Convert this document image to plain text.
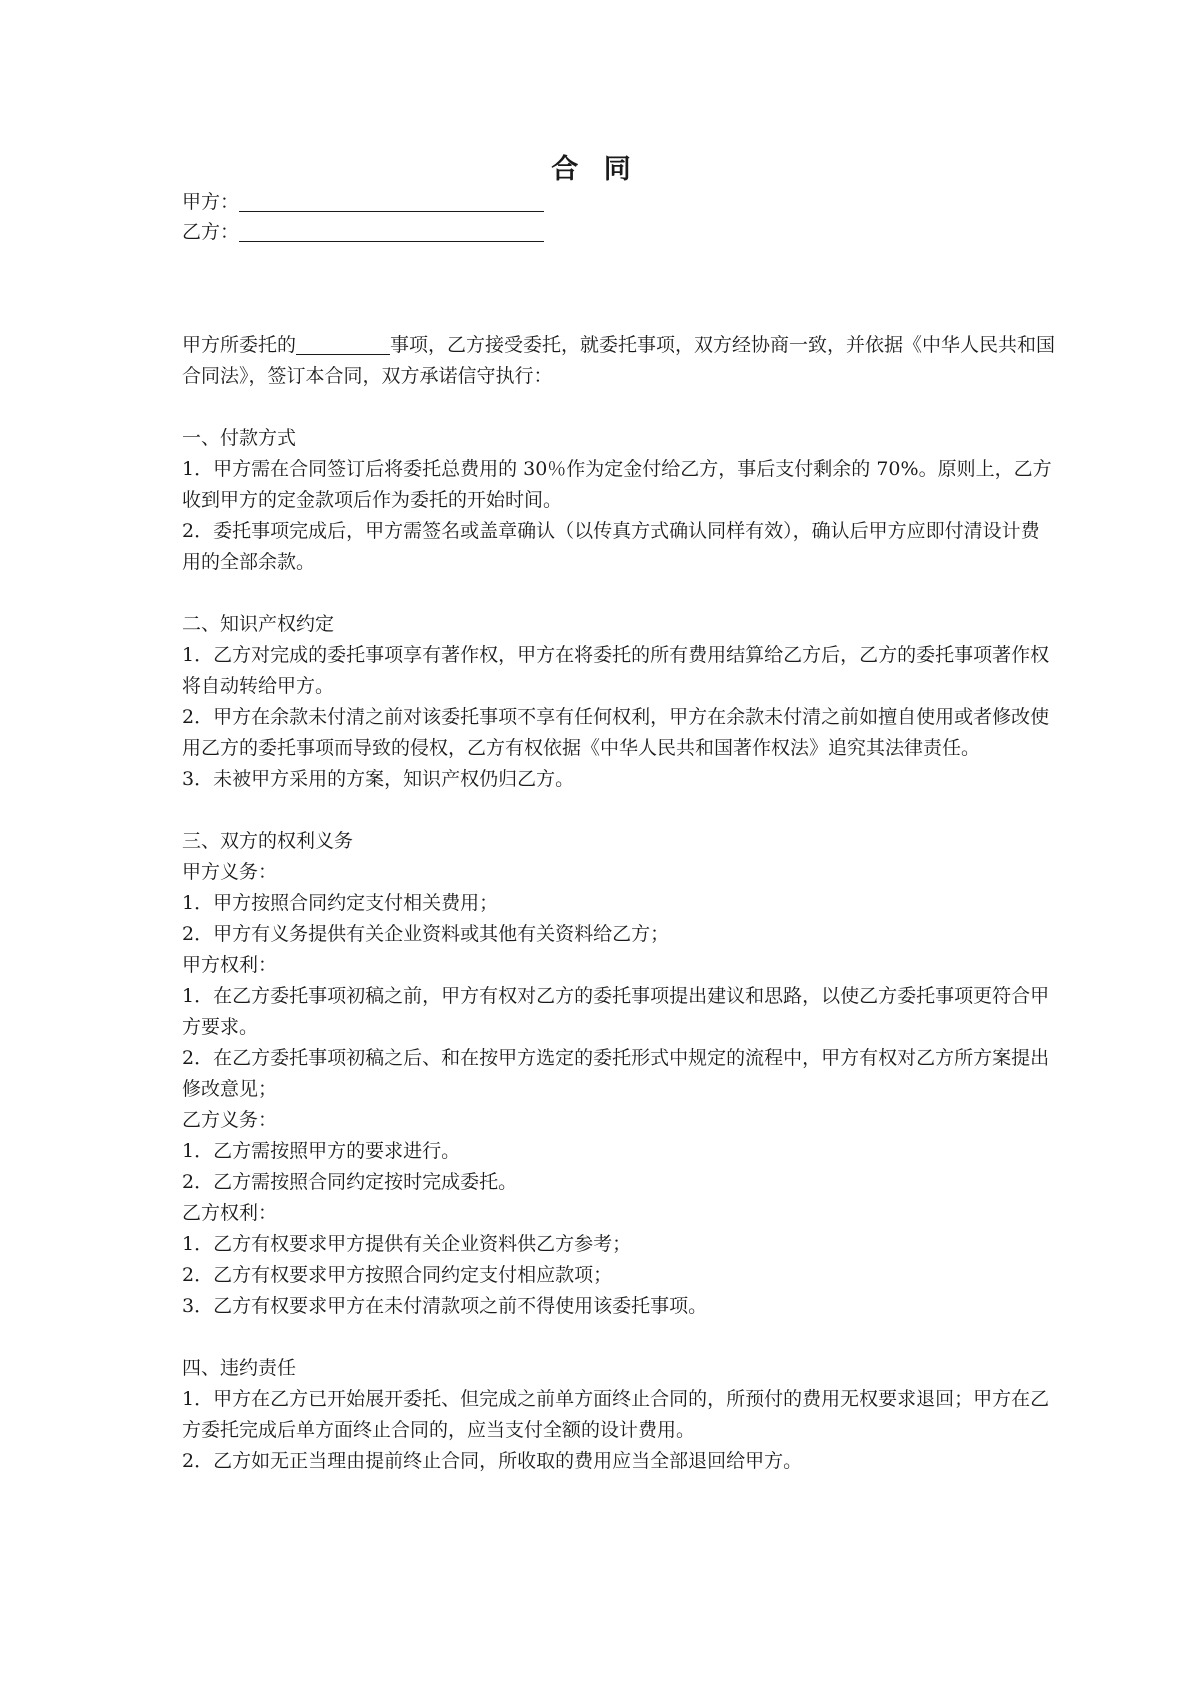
合 同
甲方：
乙方：

甲方所委托的	事项，乙方接受委托，就委托事项，双方经协商一致，并依据《中华人民共和国合同法》，签订本合同，双方承诺信守执行：

一、付款方式

1．甲方需在合同签订后将委托总费用的 30％作为定金付给乙方，事后支付剩余的 70%。原则上，乙方收到甲方的定金款项后作为委托的开始时间。

2．委托事项完成后，甲方需签名或盖章确认（以传真方式确认同样有效），确认后甲方应即付清设计费用的全部余款。

二、知识产权约定

1．乙方对完成的委托事项享有著作权，甲方在将委托的所有费用结算给乙方后，乙方的委托事项著作权将自动转给甲方。

2．甲方在余款未付清之前对该委托事项不享有任何权利，甲方在余款未付清之前如擅自使用或者修改使用乙方的委托事项而导致的侵权，乙方有权依据《中华人民共和国著作权法》追究其法律责任。

3．未被甲方采用的方案，知识产权仍归乙方。

三、双方的权利义务

甲方义务：

1．甲方按照合同约定支付相关费用；

2．甲方有义务提供有关企业资料或其他有关资料给乙方；

甲方权利：

1．在乙方委托事项初稿之前，甲方有权对乙方的委托事项提出建议和思路，以使乙方委托事项更符合甲方要求。

2．在乙方委托事项初稿之后、和在按甲方选定的委托形式中规定的流程中，甲方有权对乙方所方案提出修改意见；

乙方义务：

1．乙方需按照甲方的要求进行。

2．乙方需按照合同约定按时完成委托。

乙方权利：

1．乙方有权要求甲方提供有关企业资料供乙方参考；

2．乙方有权要求甲方按照合同约定支付相应款项；

3．乙方有权要求甲方在未付清款项之前不得使用该委托事项。

四、违约责任

1．甲方在乙方已开始展开委托、但完成之前单方面终止合同的，所预付的费用无权要求退回；甲方在乙方委托完成后单方面终止合同的，应当支付全额的设计费用。

2．乙方如无正当理由提前终止合同，所收取的费用应当全部退回给甲方。
